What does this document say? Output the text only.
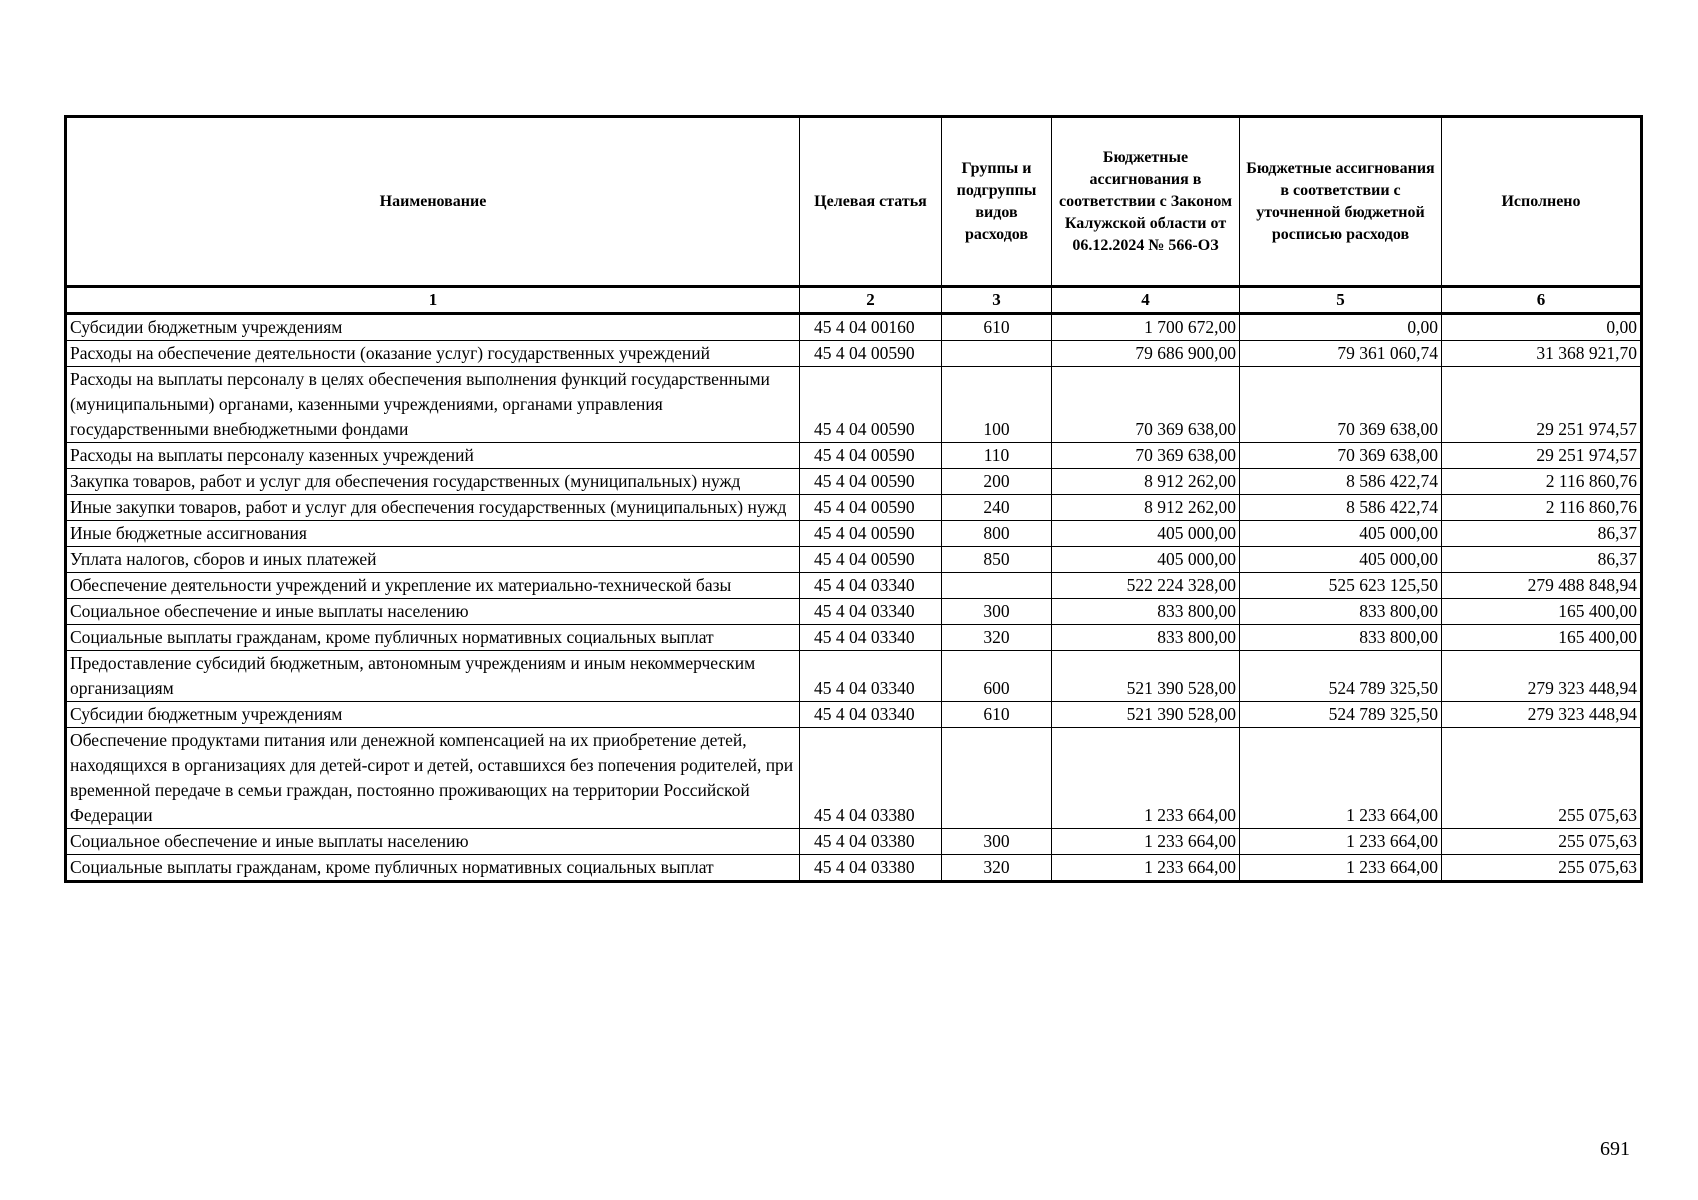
Наименование	Целевая статья	Группы и подгруппы видов расходов	Бюджетные ассигнования в соответствии с Законом Калужской области от 06.12.2024 № 566-ОЗ	Бюджетные ассигнования в соответствии с уточненной бюджетной росписью расходов	Исполнено
1	2	3	4	5	6
Субсидии бюджетным учреждениям	45 4 04 00160	610	1 700 672,00	0,00	0,00
Расходы на обеспечение деятельности (оказание услуг) государственных учреждений	45 4 04 00590		79 686 900,00	79 361 060,74	31 368 921,70
Расходы на выплаты персоналу в целях обеспечения выполнения функций государственными (муниципальными) органами, казенными учреждениями, органами управления государственными внебюджетными фондами	45 4 04 00590	100	70 369 638,00	70 369 638,00	29 251 974,57
Расходы на выплаты персоналу казенных учреждений	45 4 04 00590	110	70 369 638,00	70 369 638,00	29 251 974,57
Закупка товаров, работ и услуг для обеспечения государственных (муниципальных) нужд	45 4 04 00590	200	8 912 262,00	8 586 422,74	2 116 860,76
Иные закупки товаров, работ и услуг для обеспечения государственных (муниципальных) нужд	45 4 04 00590	240	8 912 262,00	8 586 422,74	2 116 860,76
Иные бюджетные ассигнования	45 4 04 00590	800	405 000,00	405 000,00	86,37
Уплата налогов, сборов и иных платежей	45 4 04 00590	850	405 000,00	405 000,00	86,37
Обеспечение деятельности учреждений и укрепление их материально-технической базы	45 4 04 03340		522 224 328,00	525 623 125,50	279 488 848,94
Социальное обеспечение и иные выплаты населению	45 4 04 03340	300	833 800,00	833 800,00	165 400,00
Социальные выплаты гражданам, кроме публичных нормативных социальных выплат	45 4 04 03340	320	833 800,00	833 800,00	165 400,00
Предоставление субсидий бюджетным, автономным учреждениям и иным некоммерческим организациям	45 4 04 03340	600	521 390 528,00	524 789 325,50	279 323 448,94
Субсидии бюджетным учреждениям	45 4 04 03340	610	521 390 528,00	524 789 325,50	279 323 448,94
Обеспечение продуктами питания или денежной компенсацией на их приобретение детей, находящихся в организациях для детей-сирот и детей, оставшихся без попечения родителей, при временной передаче в семьи граждан, постоянно проживающих на территории Российской Федерации	45 4 04 03380		1 233 664,00	1 233 664,00	255 075,63
Социальное обеспечение и иные выплаты населению	45 4 04 03380	300	1 233 664,00	1 233 664,00	255 075,63
Социальные выплаты гражданам, кроме публичных нормативных социальных выплат	45 4 04 03380	320	1 233 664,00	1 233 664,00	255 075,63
691
